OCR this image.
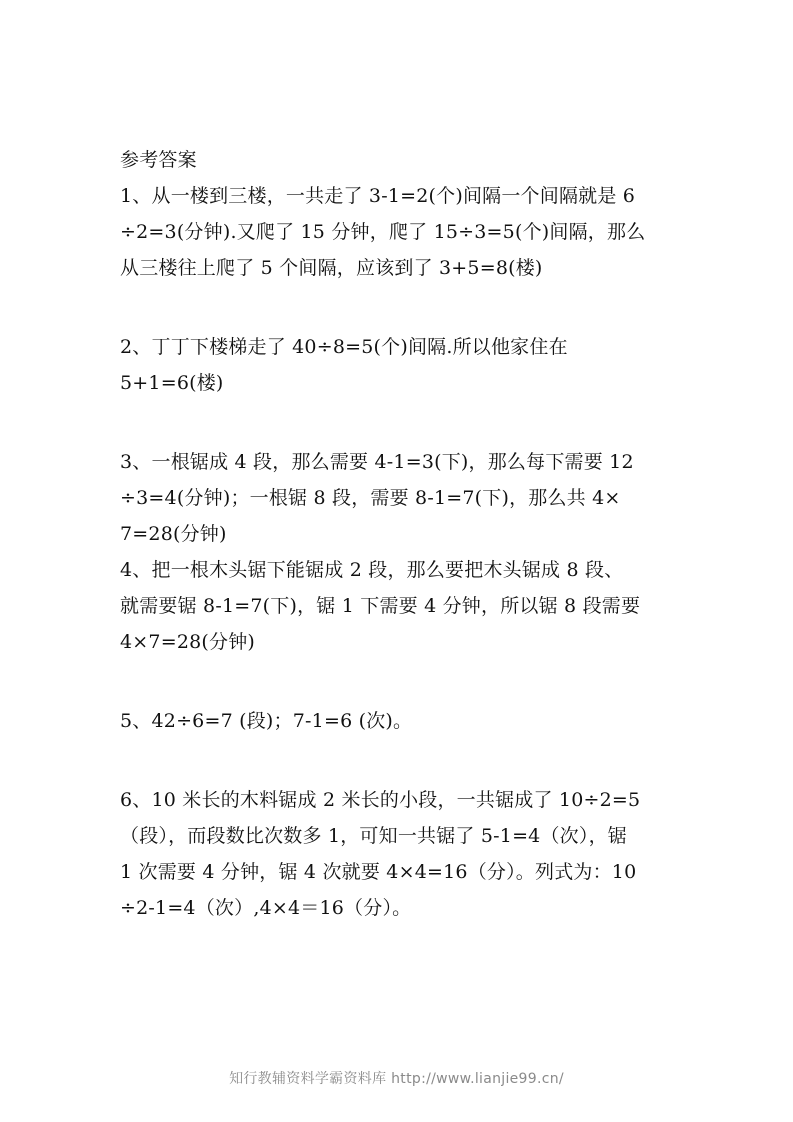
参考答案
1、从一楼到三楼，一共走了 3-1=2(个)间隔一个间隔就是 6
÷2=3(分钟).又爬了 15 分钟，爬了 15÷3=5(个)间隔，那么
从三楼往上爬了 5 个间隔，应该到了 3+5=8(楼)
2、丁丁下楼梯走了 40÷8=5(个)间隔.所以他家住在
5+1=6(楼)
3、一根锯成 4 段，那么需要 4-1=3(下)，那么每下需要 12
÷3=4(分钟)；一根锯 8 段，需要 8-1=7(下)，那么共 4×
7=28(分钟)
4、把一根木头锯下能锯成 2 段，那么要把木头锯成 8 段、
就需要锯 8-1=7(下)，锯 1 下需要 4 分钟，所以锯 8 段需要
4×7=28(分钟)
5、42÷6=7 (段)；7-1=6 (次)。
6、10 米长的木料锯成 2 米长的小段，一共锯成了 10÷2=5
（段），而段数比次数多 1，可知一共锯了 5-1=4（次），锯
1 次需要 4 分钟，锯 4 次就要 4×4=16（分）。列式为：10
÷2-1=4（次）,4×4＝16（分）。
知行教辅资料学霸资料库 http://www.lianjie99.cn/
